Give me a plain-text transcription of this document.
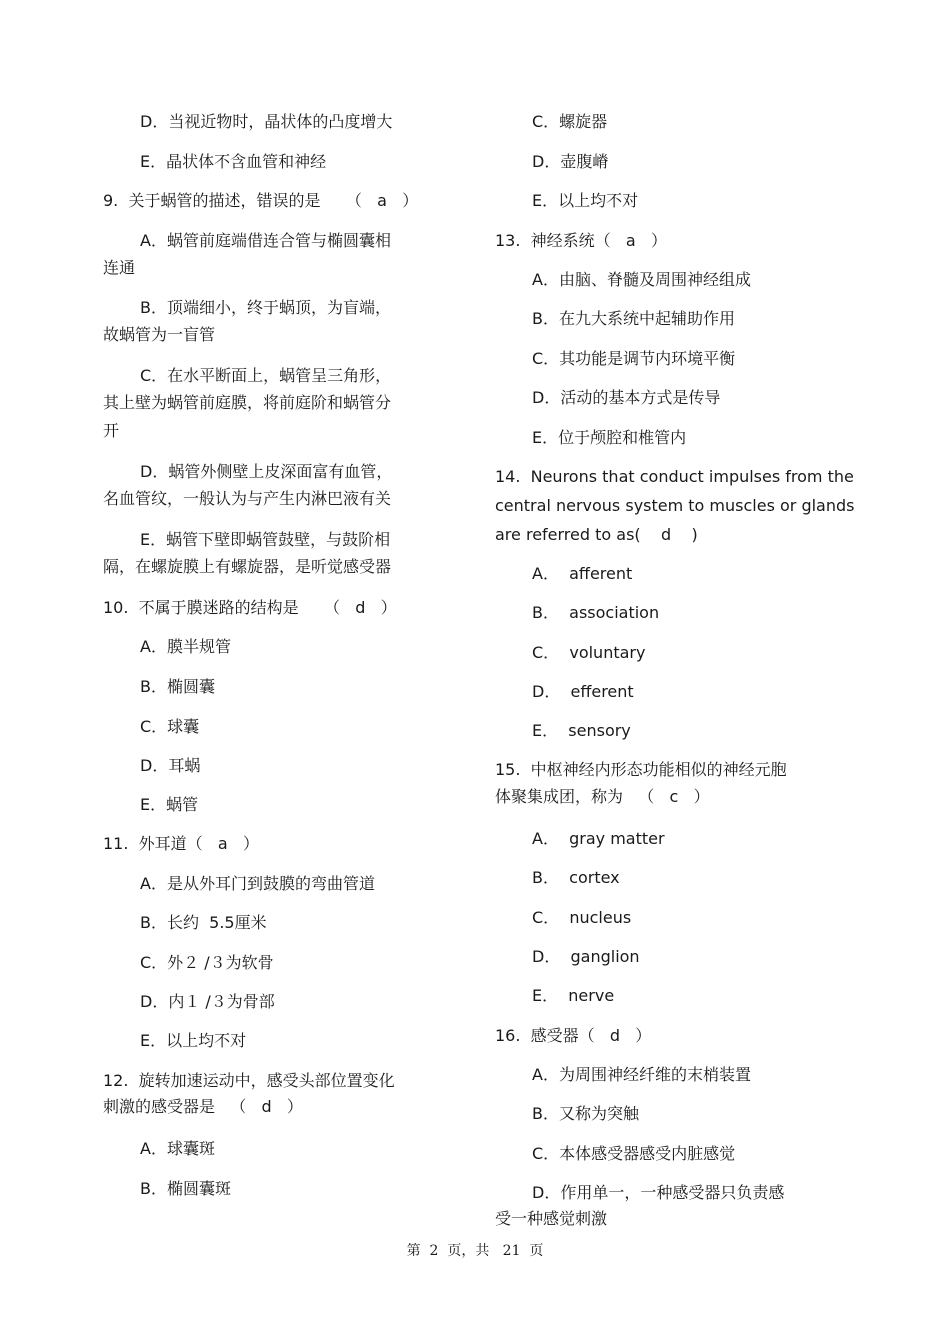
D．当视近物时，晶状体的凸度增大
E．晶状体不含血管和神经
9.  关于蜗管的描述，错误的是     （   a   ）
A．蜗管前庭端借连合管与椭圆囊相
连通
B．顶端细小，终于蜗顶，为盲端，
故蜗管为一盲管
C．在水平断面上，蜗管呈三角形，
其上壁为蜗管前庭膜，将前庭阶和蜗管分
开
D．蜗管外侧壁上皮深面富有血管，
名血管纹，一般认为与产生内淋巴液有关
E．蜗管下壁即蜗管鼓壁，与鼓阶相
隔，在螺旋膜上有螺旋器，是听觉感受器
10.  不属于膜迷路的结构是     （   d   ）
A．膜半规管
B．椭圆囊
C．球囊
D．耳蜗
E．蜗管
11.  外耳道（   a   ）
A．是从外耳门到鼓膜的弯曲管道
B．长约  5.5厘米
C．外２ /３为软骨
D．内１ /３为骨部
E．以上均不对
12.  旋转加速运动中，感受头部位置变化
刺激的感受器是   （   d   ）
A．球囊斑
B．椭圆囊斑
C．螺旋器
D．壶腹嵴
E．以上均不对
13.  神经系统（   a   ）
A．由脑、脊髓及周围神经组成
B．在九大系统中起辅助作用
C．其功能是调节内环境平衡
D．活动的基本方式是传导
E．位于颅腔和椎管内
14.  Neurons that conduct impulses from the
central nervous system to muscles or glands
are referred to as(    d    )
A．  afferent
B．  association
C．  voluntary
D．  efferent
E．  sensory
15.  中枢神经内形态功能相似的神经元胞
体聚集成团，称为   （   c   ）
A．  gray matter
B．  cortex
C．  nucleus
D．  ganglion
E．  nerve
16.  感受器（   d   ）
A．为周围神经纤维的末梢装置
B．又称为突触
C．本体感受器感受内脏感觉
D．作用单一，一种感受器只负责感
受一种感觉刺激
第  2  页，共   21  页
